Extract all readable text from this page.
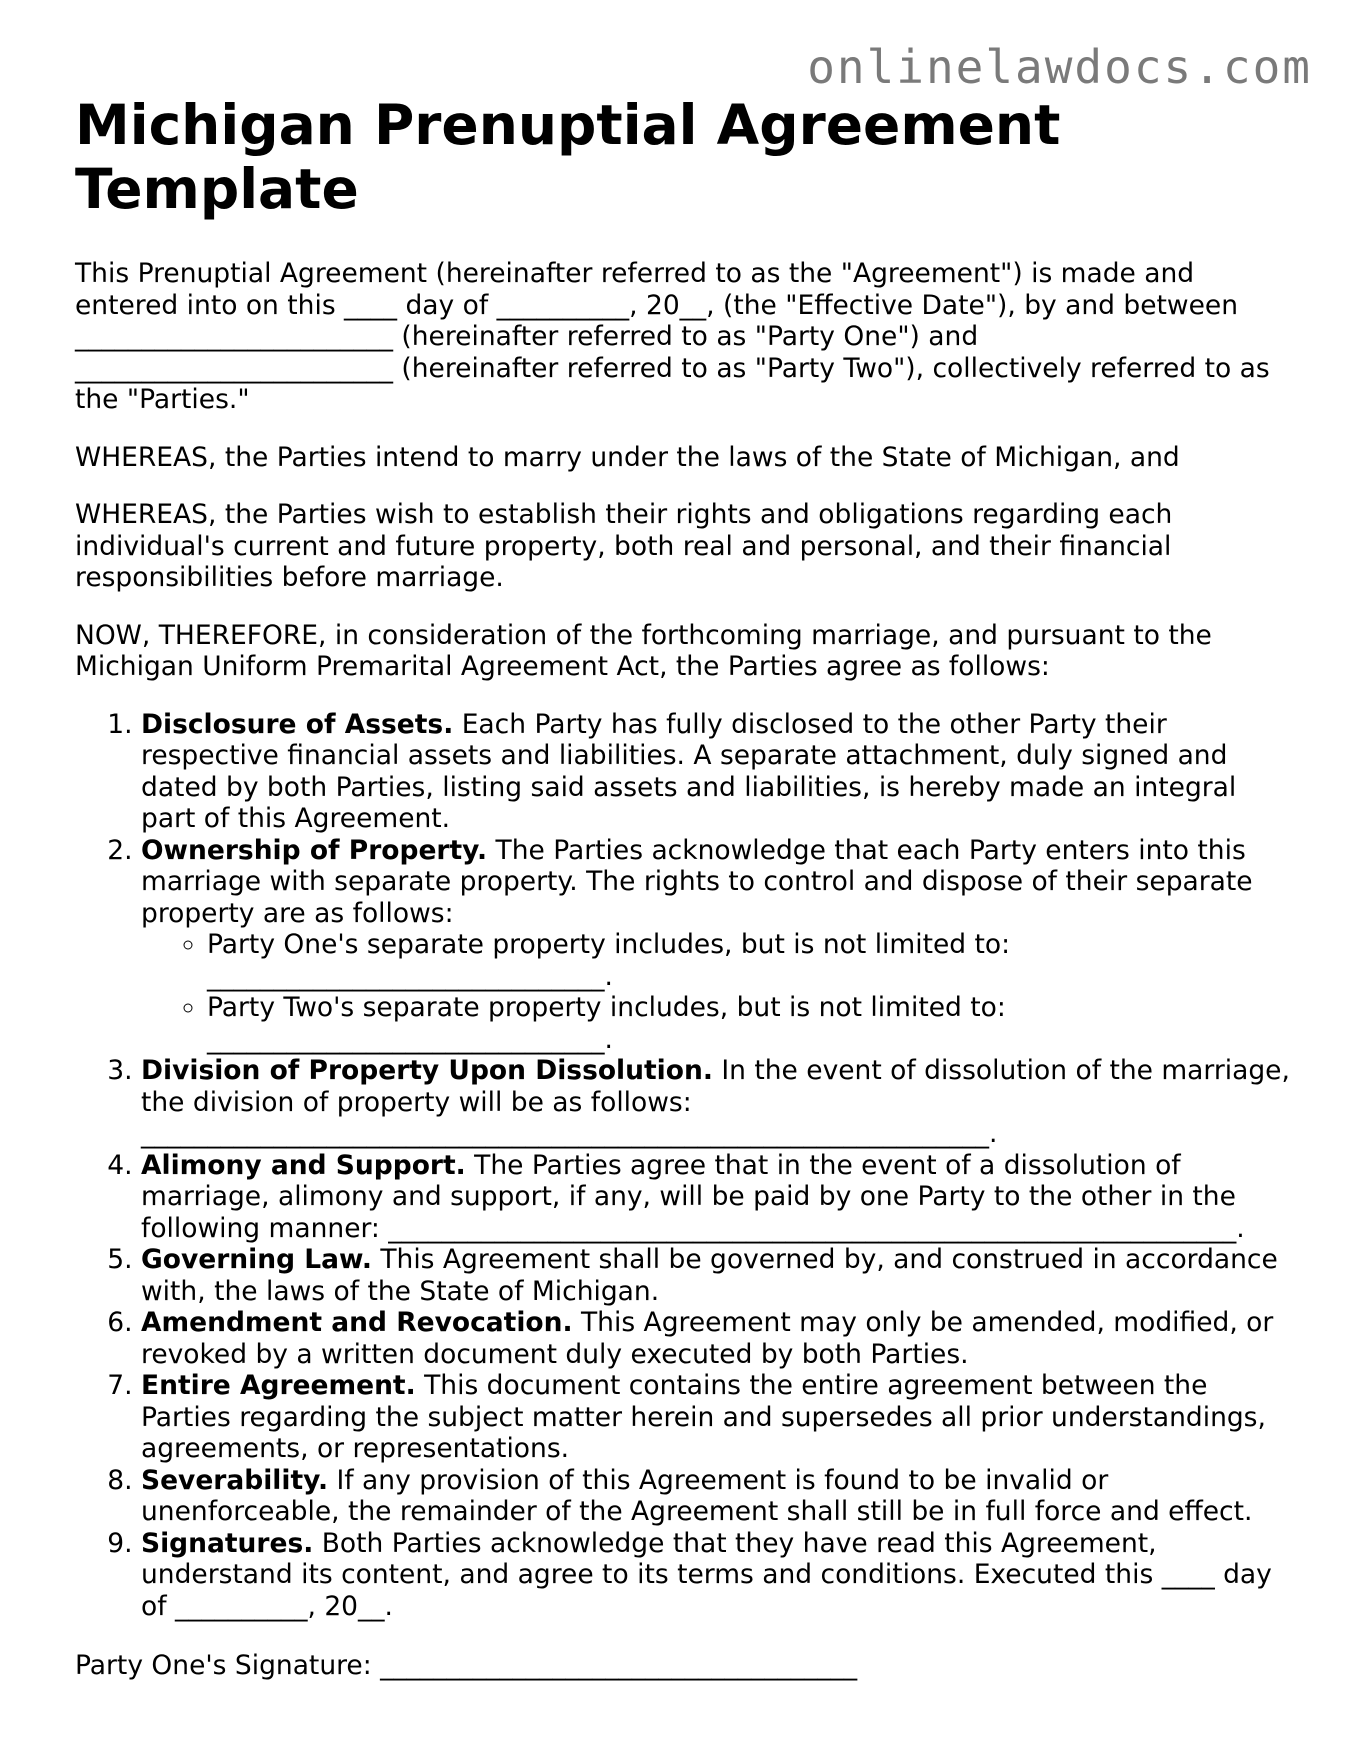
onlinelawdocs.com
Michigan Prenuptial Agreement Template

This Prenuptial Agreement (hereinafter referred to as the "Agreement") is made and entered into on this ____ day of __________, 20__, (the "Effective Date"), by and between ________________________ (hereinafter referred to as "Party One") and ________________________ (hereinafter referred to as "Party Two"), collectively referred to as the "Parties."

WHEREAS, the Parties intend to marry under the laws of the State of Michigan, and

WHEREAS, the Parties wish to establish their rights and obligations regarding each individual's current and future property, both real and personal, and their financial responsibilities before marriage.

NOW, THEREFORE, in consideration of the forthcoming marriage, and pursuant to the Michigan Uniform Premarital Agreement Act, the Parties agree as follows:

1. Disclosure of Assets. Each Party has fully disclosed to the other Party their respective financial assets and liabilities. A separate attachment, duly signed and dated by both Parties, listing said assets and liabilities, is hereby made an integral part of this Agreement.
2. Ownership of Property. The Parties acknowledge that each Party enters into this marriage with separate property. The rights to control and dispose of their separate property are as follows:
◦ Party One's separate property includes, but is not limited to: ______________________________.
◦ Party Two's separate property includes, but is not limited to: ______________________________.
3. Division of Property Upon Dissolution. In the event of dissolution of the marriage, the division of property will be as follows: ________________________________________________________________.
4. Alimony and Support. The Parties agree that in the event of a dissolution of marriage, alimony and support, if any, will be paid by one Party to the other in the following manner: ________________________________________________________________.
5. Governing Law. This Agreement shall be governed by, and construed in accordance with, the laws of the State of Michigan.
6. Amendment and Revocation. This Agreement may only be amended, modified, or revoked by a written document duly executed by both Parties.
7. Entire Agreement. This document contains the entire agreement between the Parties regarding the subject matter herein and supersedes all prior understandings, agreements, or representations.
8. Severability. If any provision of this Agreement is found to be invalid or unenforceable, the remainder of the Agreement shall still be in full force and effect.
9. Signatures. Both Parties acknowledge that they have read this Agreement, understand its content, and agree to its terms and conditions. Executed this ____ day of __________, 20__.

Party One's Signature: ____________________________________
